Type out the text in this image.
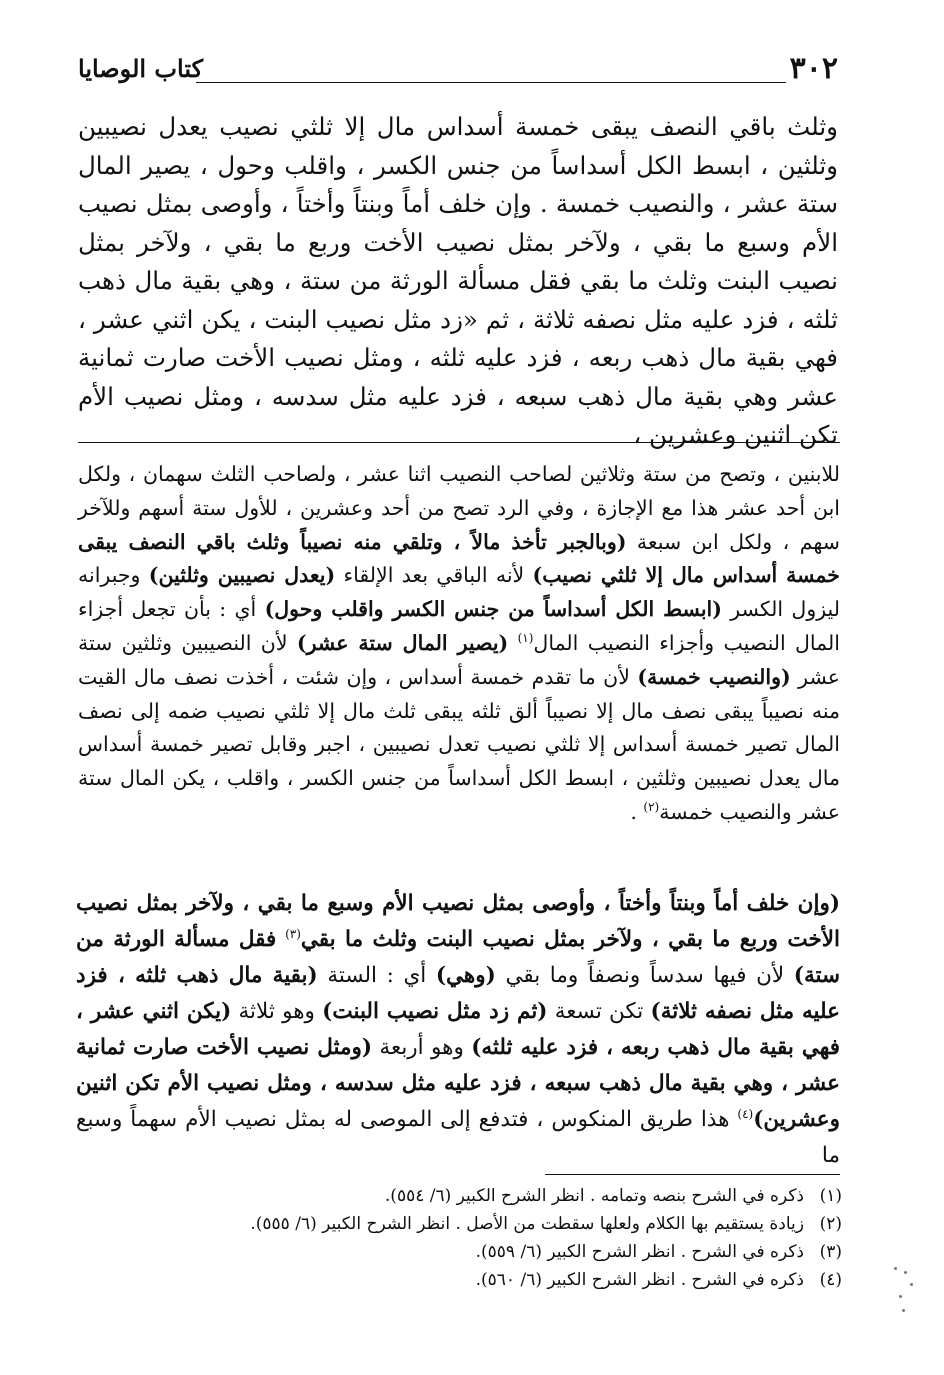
٣٠٢
كتاب الوصايا
وثلث باقي النصف يبقى خمسة أسداس مال إلا ثلثي نصيب يعدل نصيبين وثلثين ، ابسط الكل أسداساً من جنس الكسر ، واقلب وحول ، يصير المال ستة عشر ، والنصيب خمسة . وإن خلف أماً وبنتاً وأختاً ، وأوصى بمثل نصيب الأم وسبع ما بقي ، ولآخر بمثل نصيب الأخت وربع ما بقي ، ولآخر بمثل نصيب البنت وثلث ما بقي فقل مسألة الورثة من ستة ، وهي بقية مال ذهب ثلثه ، فزد عليه مثل نصفه ثلاثة ، ثم «زد مثل نصيب البنت ، يكن اثني عشر ، فهي بقية مال ذهب ربعه ، فزد عليه ثلثه ، ومثل نصيب الأخت صارت ثمانية عشر وهي بقية مال ذهب سبعه ، فزد عليه مثل سدسه ، ومثل نصيب الأم تكن اثنين وعشرين ،
للابنين ، وتصح من ستة وثلاثين لصاحب النصيب اثنا عشر ، ولصاحب الثلث سهمان ، ولكل ابن أحد عشر هذا مع الإجازة ، وفي الرد تصح من أحد وعشرين ، للأول ستة أسهم وللآخر سهم ، ولكل ابن سبعة (وبالجبر تأخذ مالاً ، وتلقي منه نصيباً وثلث باقي النصف يبقى خمسة أسداس مال إلا ثلثي نصيب) لأنه الباقي بعد الإلقاء (يعدل نصيبين وثلثين) وجبرانه ليزول الكسر (ابسط الكل أسداساً من جنس الكسر واقلب وحول) أي : بأن تجعل أجزاء المال النصيب وأجزاء النصيب المال$^{(١)}$ (يصير المال ستة عشر) لأن النصيبين وثلثين ستة عشر (والنصيب خمسة) لأن ما تقدم خمسة أسداس ، وإن شئت ، أخذت نصف مال القيت منه نصيباً يبقى نصف مال إلا نصيباً ألق ثلثه يبقى ثلث مال إلا ثلثي نصيب ضمه إلى نصف المال تصير خمسة أسداس إلا ثلثي نصيب تعدل نصيبين ، اجبر وقابل تصير خمسة أسداس مال يعدل نصيبين وثلثين ، ابسط الكل أسداساً من جنس الكسر ، واقلب ، يكن المال ستة عشر والنصيب خمسة$^{(٢)}$ .
(وإن خلف أماً وبنتاً وأختاً ، وأوصى بمثل نصيب الأم وسبع ما بقي ، ولآخر بمثل نصيب الأخت وربع ما بقي ، ولآخر بمثل نصيب البنت وثلث ما بقي$^{(٣)}$ فقل مسألة الورثة من ستة) لأن فيها سدساً ونصفاً وما بقي (وهي) أي : الستة (بقية مال ذهب ثلثه ، فزد عليه مثل نصفه ثلاثة) تكن تسعة (ثم زد مثل نصيب البنت) وهو ثلاثة (يكن اثني عشر ، فهي بقية مال ذهب ربعه ، فزد عليه ثلثه) وهو أربعة (ومثل نصيب الأخت صارت ثمانية عشر ، وهي بقية مال ذهب سبعه ، فزد عليه مثل سدسه ، ومثل نصيب الأم تكن اثنين وعشرين)$^{(٤)}$ هذا طريق المنكوس ، فتدفع إلى الموصى له بمثل نصيب الأم سهماً وسبع ما
(١)ذكره في الشرح بنصه وتمامه . انظر الشرح الكبير (٦/ ٥٥٤).
(٢)زيادة يستقيم بها الكلام ولعلها سقطت من الأصل . انظر الشرح الكبير (٦/ ٥٥٥).
(٣)ذكره في الشرح . انظر الشرح الكبير (٦/ ٥٥٩).
(٤)ذكره في الشرح . انظر الشرح الكبير (٦/ ٥٦٠).
